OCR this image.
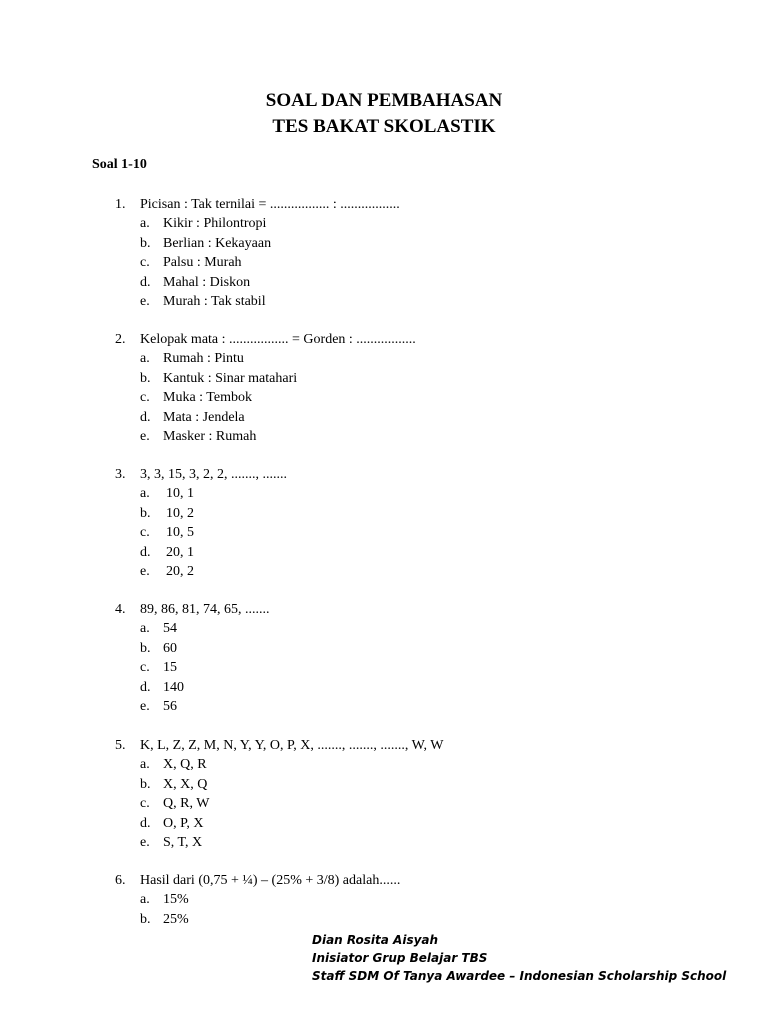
SOAL DAN PEMBAHASAN
TES BAKAT SKOLASTIK
Soal 1-10
1. Picisan : Tak ternilai = ................. : .................
a. Kikir : Philontropi
b. Berlian : Kekayaan
c. Palsu : Murah
d. Mahal : Diskon
e. Murah : Tak stabil
2. Kelopak mata : ................. = Gorden : .................
a. Rumah : Pintu
b. Kantuk : Sinar matahari
c. Muka : Tembok
d. Mata : Jendela
e. Masker : Rumah
3. 3, 3, 15, 3, 2, 2, ......., .......
a. 10, 1
b. 10, 2
c. 10, 5
d. 20, 1
e. 20, 2
4. 89, 86, 81, 74, 65, .......
a. 54
b. 60
c. 15
d. 140
e. 56
5. K, L, Z, Z, M, N, Y, Y, O, P, X, ......., ......., ......., W, W
a. X, Q, R
b. X, X, Q
c. Q, R, W
d. O, P, X
e. S, T, X
6. Hasil dari (0,75 + ¼) – (25% + 3/8) adalah......
a. 15%
b. 25%
Dian Rosita Aisyah
Inisiator Grup Belajar TBS
Staff SDM Of Tanya Awardee – Indonesian Scholarship School
